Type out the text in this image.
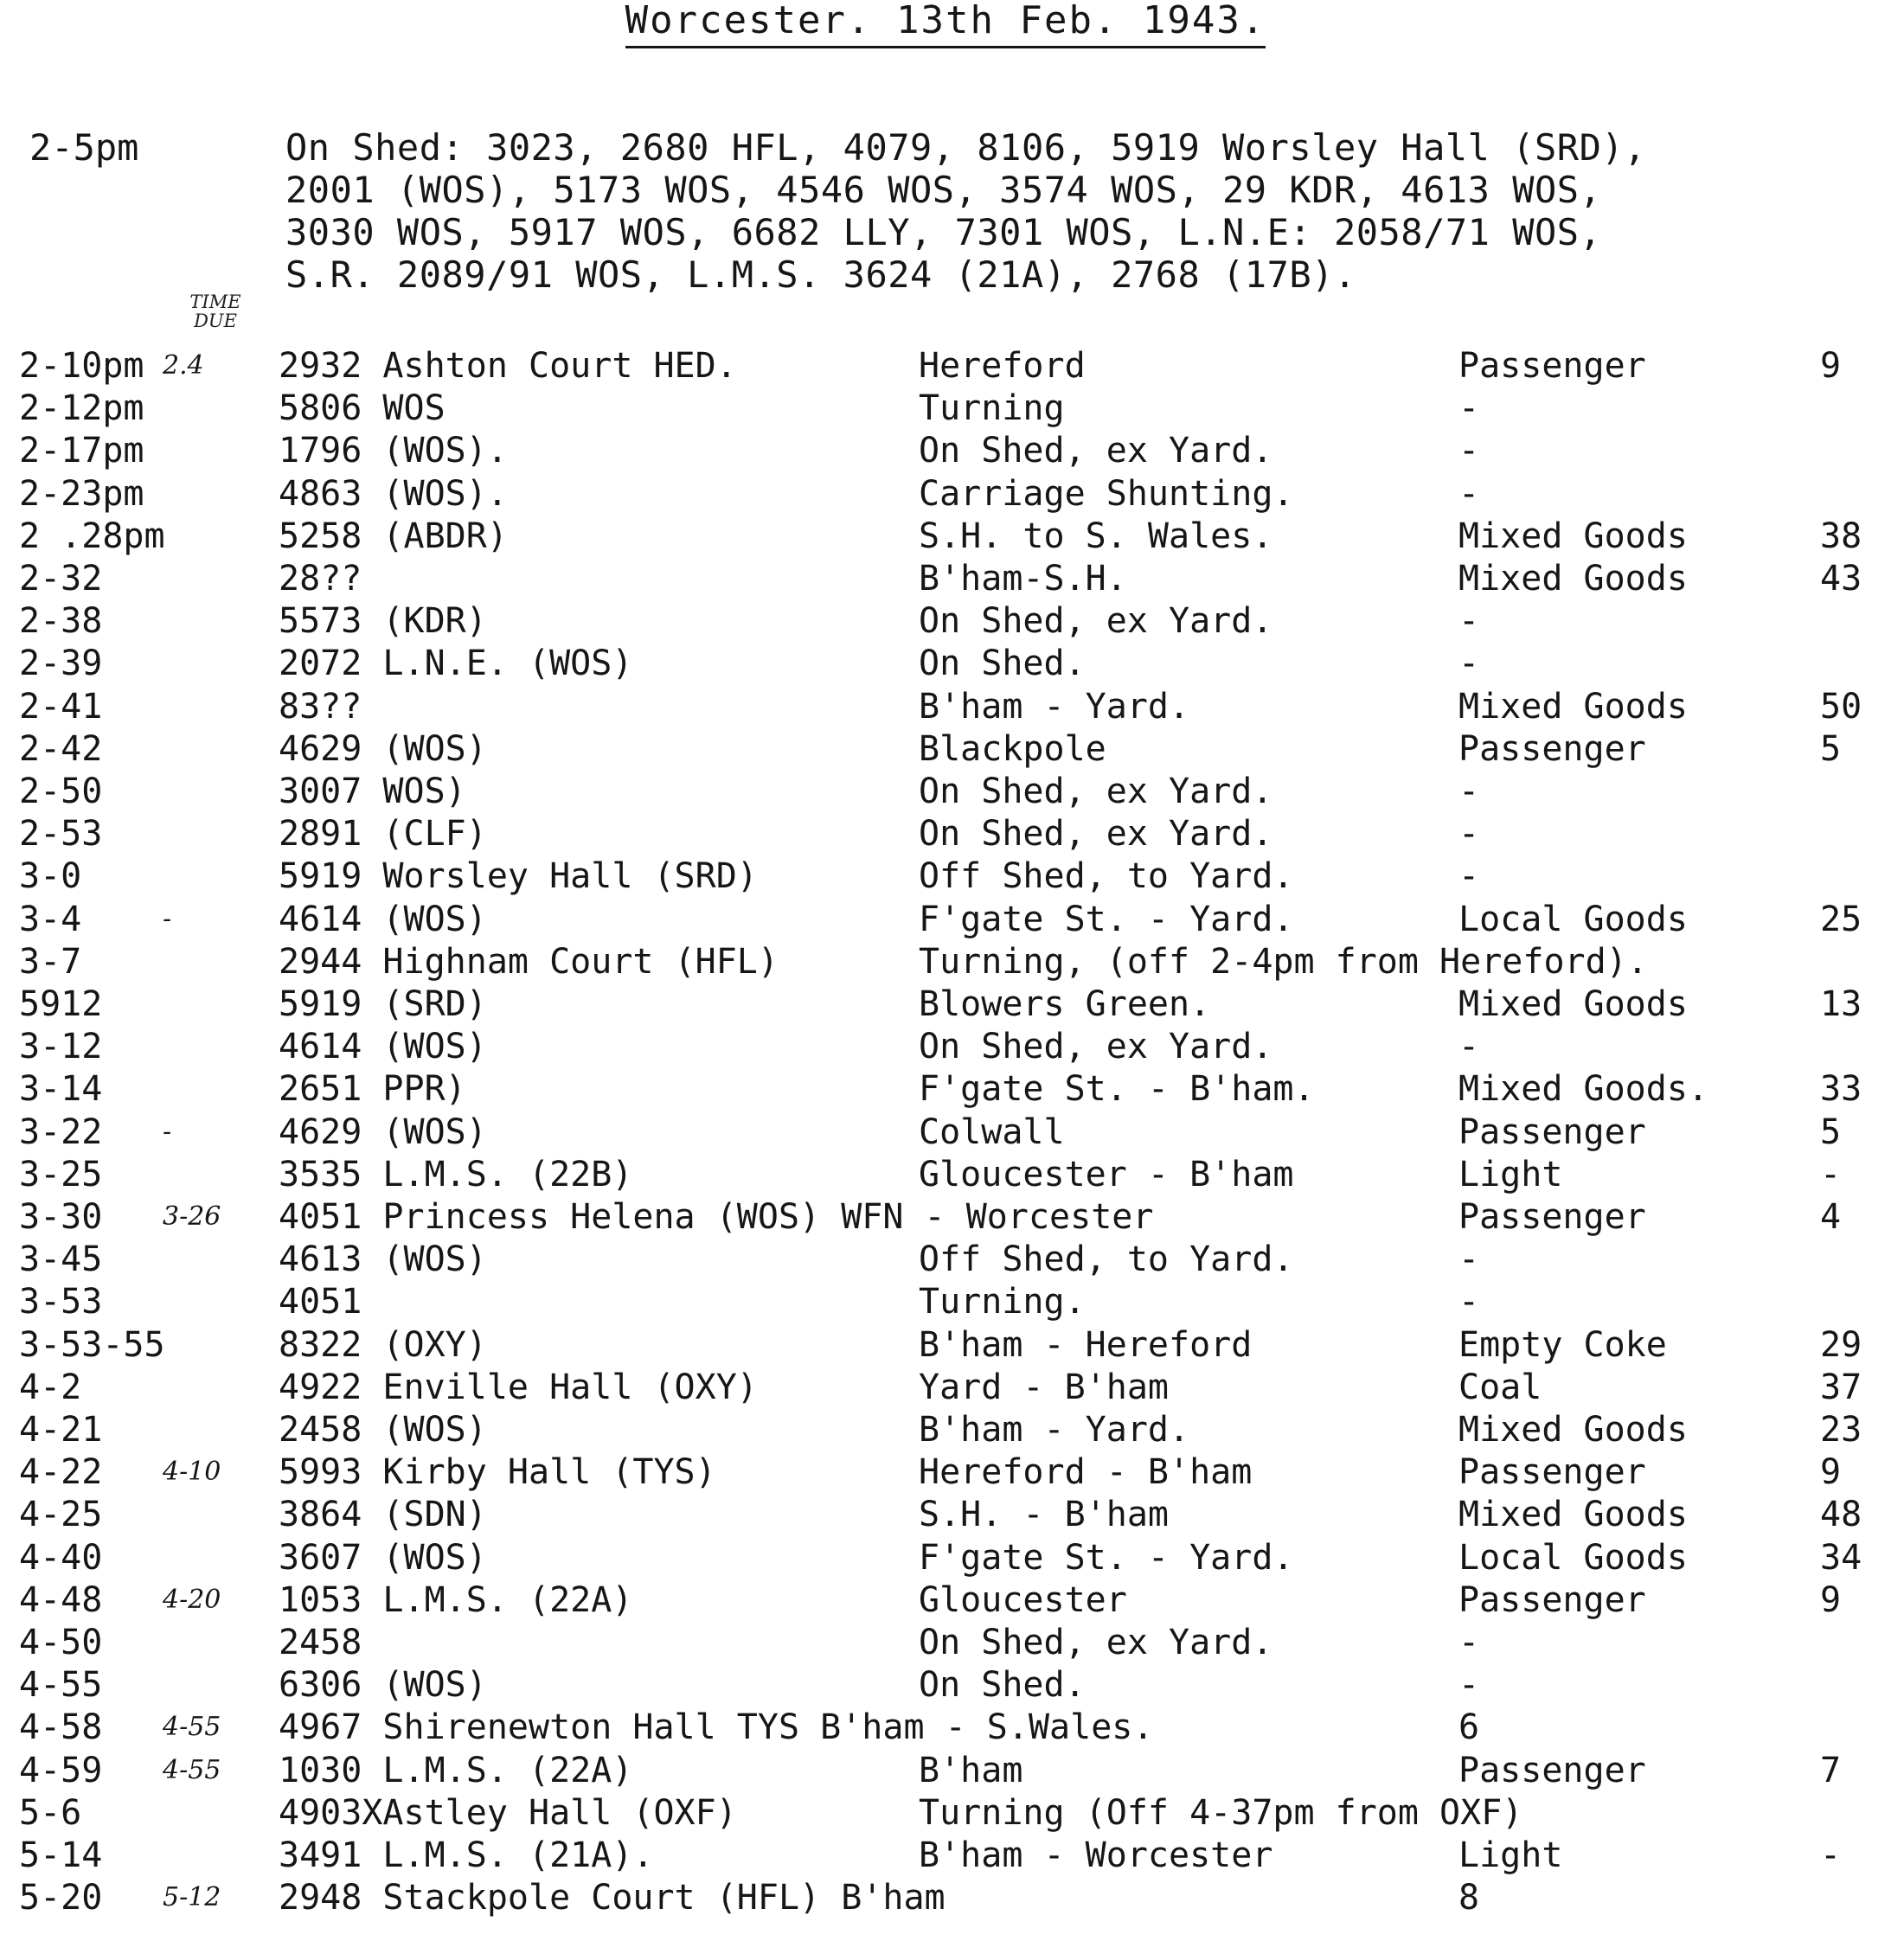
Worcester. 13th Feb. 1943.
2-5pm	On Shed: 3023, 2680 HFL, 4079, 8106, 5919 Worsley Hall (SRD),
2001 (WOS), 5173 WOS, 4546 WOS, 3574 WOS, 29 KDR, 4613 WOS,
3030 WOS, 5917 WOS, 6682 LLY, 7301 WOS, L.N.E: 2058/71 WOS,
S.R. 2089/91 WOS, L.M.S. 3624 (21A), 2768 (17B).
TIME DUE
2-10pm 2.4 2932 Ashton Court HED.	Hereford	Passenger	9
2-12pm	5806 WOS	Turning	-
2-17pm	1796 (WOS).	On Shed, ex Yard.	-
2-23pm	4863 (WOS).	Carriage Shunting.	-
2 .28pm	5258 (ABDR)	S.H. to S. Wales.	Mixed Goods	38
2-32	28??	B'ham-S.H.	Mixed Goods	43
2-38	5573 (KDR)	On Shed, ex Yard.	-
2-39	2072 L.N.E. (WOS)	On Shed.	-
2-41	83??	B'ham - Yard.	Mixed Goods	50
2-42	4629 (WOS)	Blackpole	Passenger	5
2-50	3007 WOS)	On Shed, ex Yard.	-
2-53	2891 (CLF)	On Shed, ex Yard.	-
3-0	5919 Worsley Hall (SRD)	Off Shed, to Yard.	-
3-4	-	4614 (WOS)	F'gate St. - Yard.	Local Goods	25
3-7	2944 Highnam Court (HFL)	Turning, (off 2-4pm from Hereford).
5912	5919 (SRD)	Blowers Green.	Mixed Goods	13
3-12	4614 (WOS)	On Shed, ex Yard.	-
3-14	2651 PPR)	F'gate St. - B'ham.	Mixed Goods.	33
3-22 -	4629 (WOS)	Colwall	Passenger	5
3-25	3535 L.M.S. (22B)	Gloucester - B'ham	Light	-
3-30 3-26 4051 Princess Helena (WOS) WFN - Worcester	Passenger	4
3-45	4613 (WOS)	Off Shed, to Yard.	-
3-53	4051	Turning.	-
3-53-55	8322 (OXY)	B'ham - Hereford	Empty Coke	29
4-2	4922 Enville Hall (OXY)	Yard - B'ham	Coal	37
4-21	2458 (WOS)	B'ham - Yard.	Mixed Goods	23
4-22 4-10 5993 Kirby Hall (TYS)	Hereford - B'ham	Passenger	9
4-25	3864 (SDN)	S.H. - B'ham	Mixed Goods	48
4-40	3607 (WOS)	F'gate St. - Yard.	Local Goods	34
4-48 4-20 1053 L.M.S. (22A)	Gloucester	Passenger	9
4-50	2458	On Shed, ex Yard.	-
4-55	6306 (WOS)	On Shed.	-
4-58 4-55 4967 Shirenewton Hall TYS B'ham - S.Wales.	6
4-59 4-55 1030 L.M.S. (22A)	B'ham	Passenger	7
5-6	4903XAstley Hall (OXF)	Turning (Off 4-37pm from OXF)
5-14	3491 L.M.S. (21A).	B'ham - Worcester	Light	-
5-20 5-12 2948 Stackpole Court (HFL) B'ham	8
